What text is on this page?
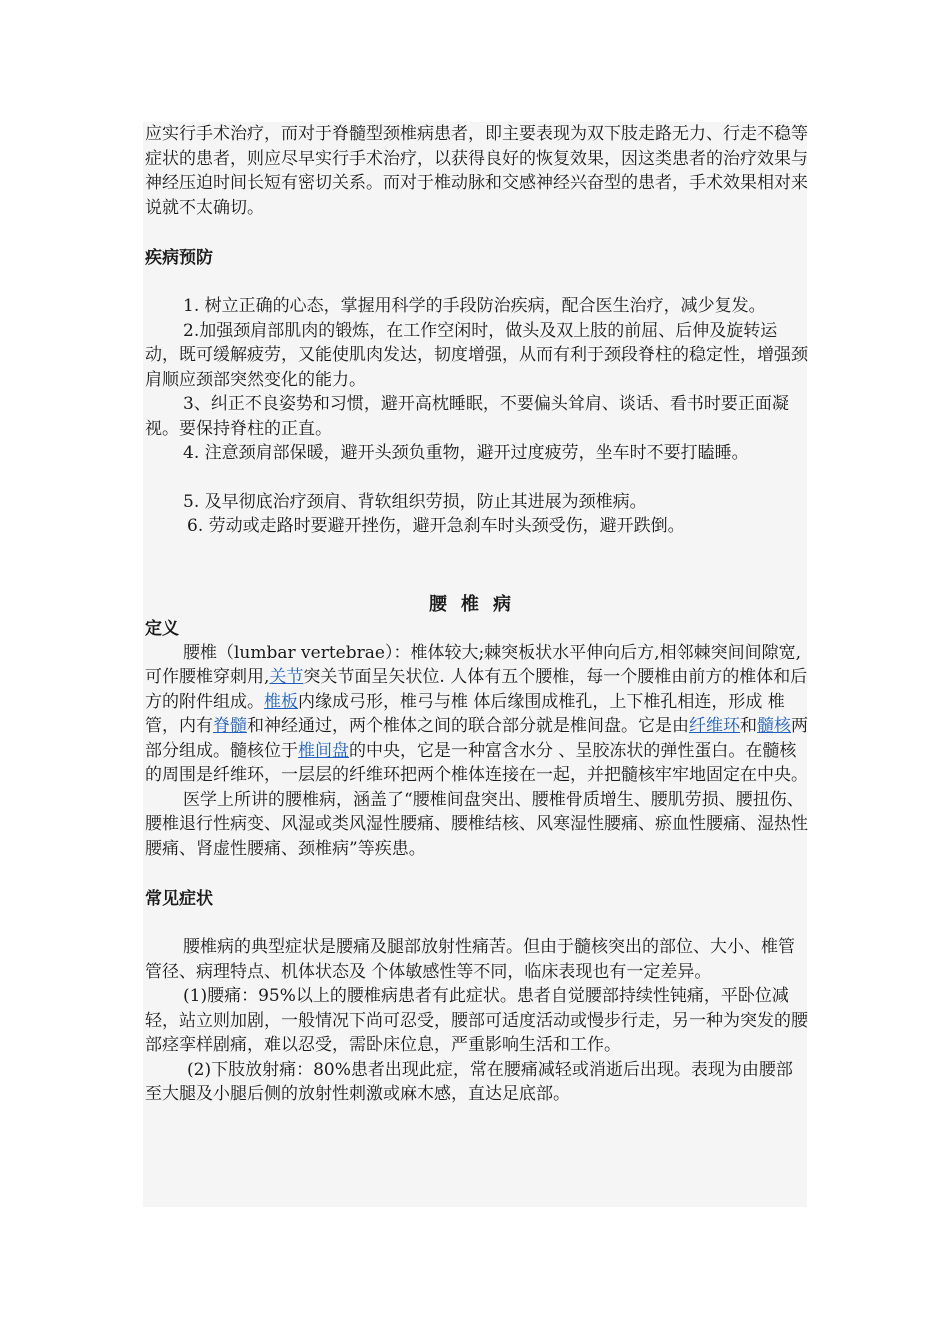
应实行手术治疗，而对于脊髓型颈椎病患者，即主要表现为双下肢走路无力、行走不稳等症状的患者，则应尽早实行手术治疗，以获得良好的恢复效果，因这类患者的治疗效果与神经压迫时间长短有密切关系。而对于椎动脉和交感神经兴奋型的患者，手术效果相对来说就不太确切。

疾病预防

1. 树立正确的心态，掌握用科学的手段防治疾病，配合医生治疗，减少复发。

2.加强颈肩部肌肉的锻炼，在工作空闲时，做头及双上肢的前屈、后伸及旋转运动，既可缓解疲劳，又能使肌肉发达，韧度增强，从而有利于颈段脊柱的稳定性，增强颈肩顺应颈部突然变化的能力。

3、纠正不良姿势和习惯，避开高枕睡眠，不要偏头耸肩、谈话、看书时要正面凝视。要保持脊柱的正直。

4. 注意颈肩部保暖，避开头颈负重物，避开过度疲劳，坐车时不要打瞌睡。

5. 及早彻底治疗颈肩、背软组织劳损，防止其进展为颈椎病。

6. 劳动或走路时要避开挫伤，避开急刹车时头颈受伤，避开跌倒。

腰椎病

定义

腰椎（lumbar vertebrae）：椎体较大;棘突板状水平伸向后方,相邻棘突间间隙宽,可作腰椎穿刺用,关节突关节面呈矢状位. 人体有五个腰椎，每一个腰椎由前方的椎体和后方的附件组成。椎板内缘成弓形，椎弓与椎 体后缘围成椎孔，上下椎孔相连，形成 椎管，内有脊髓和神经通过，两个椎体之间的联合部分就是椎间盘。它是由纤维环和髓核两部分组成。髓核位于椎间盘的中央，它是一种富含水分 、呈胶冻状的弹性蛋白。在髓核的周围是纤维环，一层层的纤维环把两个椎体连接在一起，并把髓核牢牢地固定在中央。

医学上所讲的腰椎病，涵盖了“腰椎间盘突出、腰椎骨质增生、腰肌劳损、腰扭伤、腰椎退行性病变、风湿或类风湿性腰痛、腰椎结核、风寒湿性腰痛、瘀血性腰痛、湿热性腰痛、肾虚性腰痛、颈椎病”等疾患。

常见症状

腰椎病的典型症状是腰痛及腿部放射性痛苦。但由于髓核突出的部位、大小、椎管管径、病理特点、机体状态及 个体敏感性等不同，临床表现也有一定差异。

(1)腰痛：95%以上的腰椎病患者有此症状。患者自觉腰部持续性钝痛，平卧位减轻，站立则加剧，一般情况下尚可忍受，腰部可适度活动或慢步行走，另一种为突发的腰部痉挛样剧痛，难以忍受，需卧床位息，严重影响生活和工作。

(2)下肢放射痛：80%患者出现此症，常在腰痛减轻或消逝后出现。表现为由腰部至大腿及小腿后侧的放射性刺激或麻木感，直达足底部。
